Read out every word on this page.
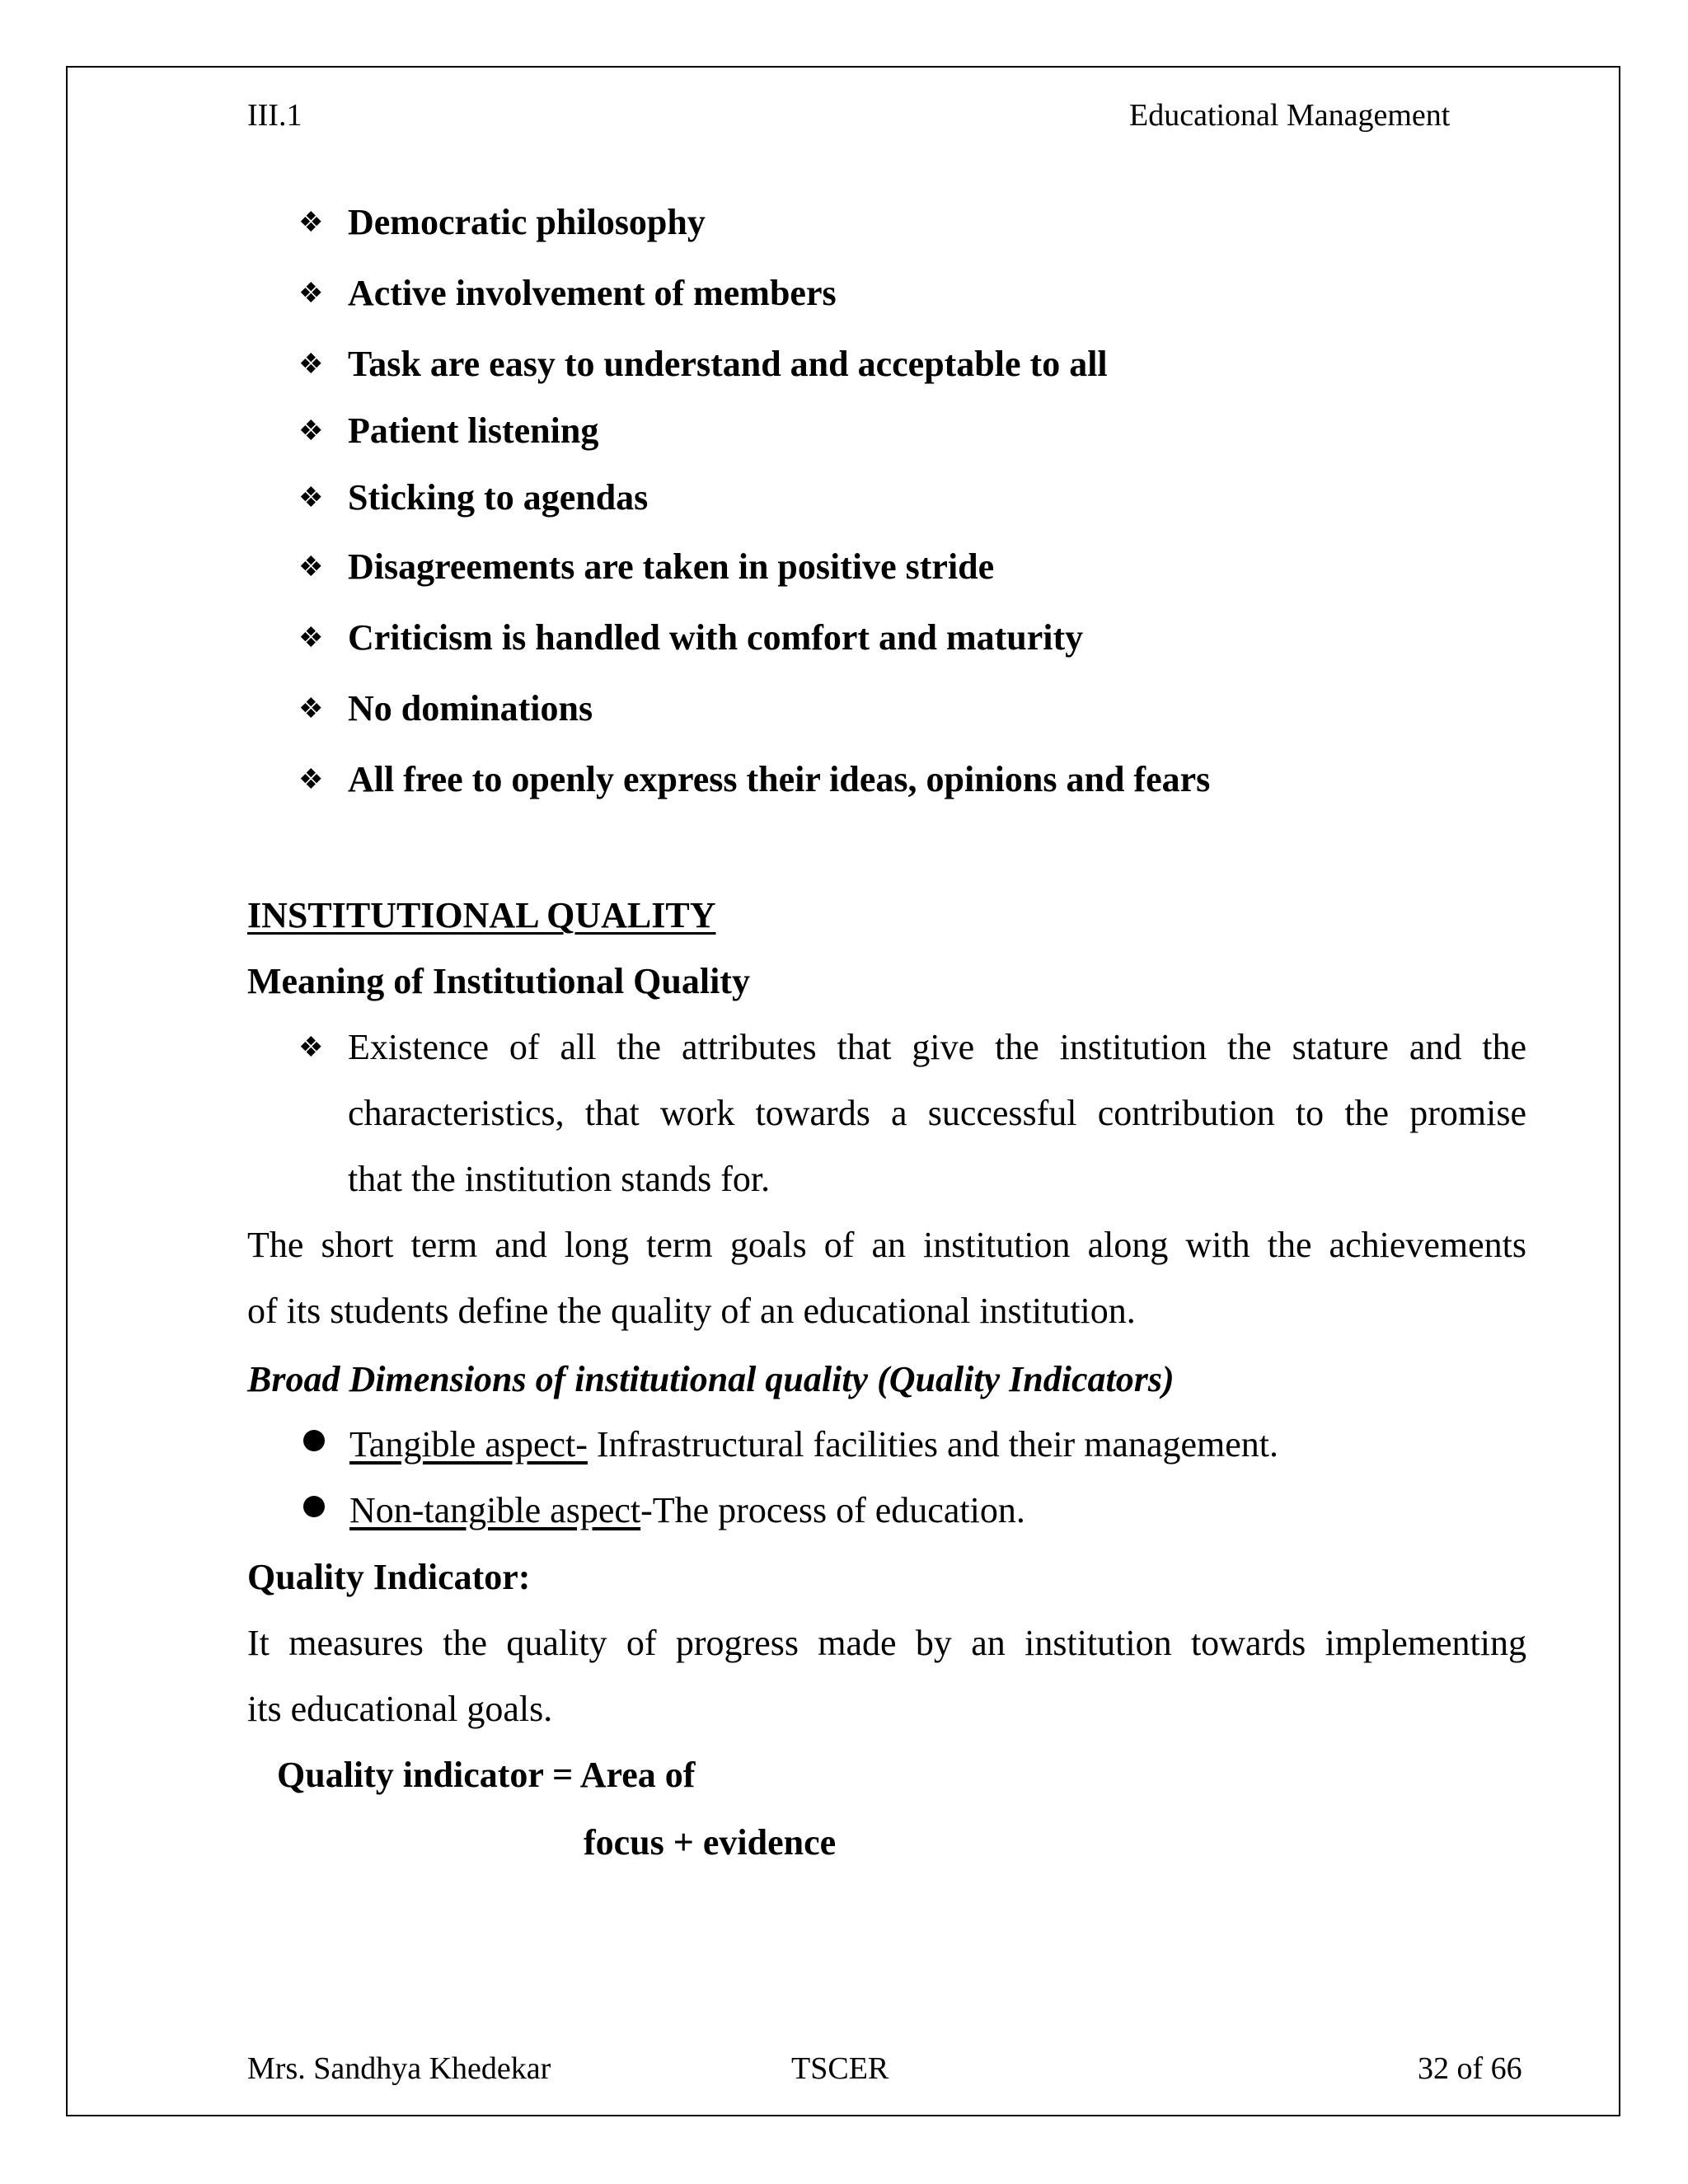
III.1	Educational Management
❖ Democratic philosophy
❖ Active involvement of members
❖ Task are easy to understand and acceptable to all
❖ Patient listening
❖ Sticking to agendas
❖ Disagreements are taken in positive stride
❖ Criticism is handled with comfort and maturity
❖ No dominations
❖ All free to openly express their ideas, opinions and fears
INSTITUTIONAL QUALITY
Meaning of Institutional Quality
❖ Existence of all the attributes that give the institution the stature and the
characteristics, that work towards a successful contribution to the promise
that the institution stands for.
The short term and long term goals of an institution along with the achievements
of its students define the quality of an educational institution.
Broad Dimensions of institutional quality (Quality Indicators)
Tangible aspect- Infrastructural facilities and their management.
Non-tangible aspect-The process of education.
Quality Indicator:
It measures the quality of progress made by an institution towards implementing
its educational goals.
Quality indicator = Area of
focus + evidence
Mrs. Sandhya Khedekar	TSCER	32 of 66
